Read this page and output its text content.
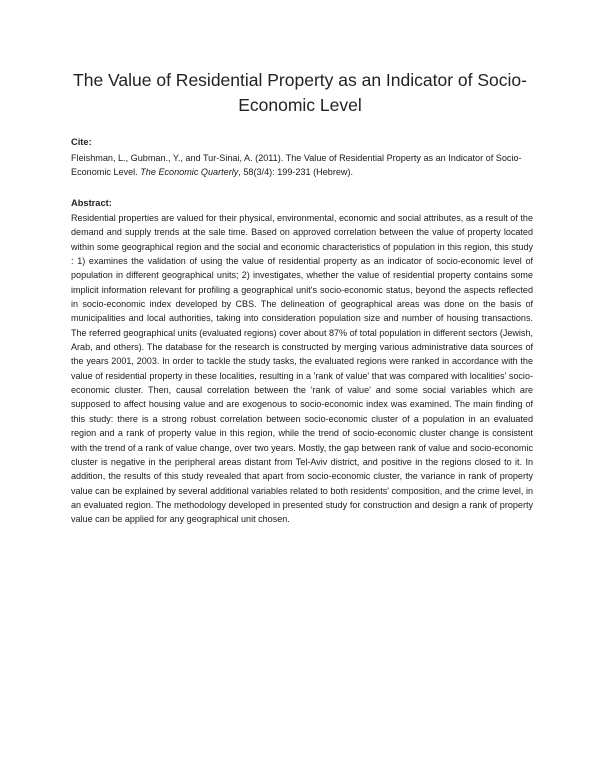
The Value of Residential Property as an Indicator of Socio-Economic Level
Cite:
Fleishman, L., Gubman., Y., and Tur-Sinai, A. (2011). The Value of Residential Property as an Indicator of Socio-Economic Level. The Economic Quarterly, 58(3/4): 199-231 (Hebrew).
Abstract:
Residential properties are valued for their physical, environmental, economic and social attributes, as a result of the demand and supply trends at the sale time. Based on approved correlation between the value of property located within some geographical region and the social and economic characteristics of population in this region, this study : 1) examines the validation of using the value of residential property as an indicator of socio-economic level of population in different geographical units; 2) investigates, whether the value of residential property contains some implicit information relevant for profiling a geographical unit's socio-economic status, beyond the aspects reflected in socio-economic index developed by CBS. The delineation of geographical areas was done on the basis of municipalities and local authorities, taking into consideration population size and number of housing transactions. The referred geographical units (evaluated regions) cover about 87% of total population in different sectors (Jewish, Arab, and others). The database for the research is constructed by merging various administrative data sources of the years 2001, 2003. In order to tackle the study tasks, the evaluated regions were ranked in accordance with the value of residential property in these localities, resulting in a 'rank of value' that was compared with localities' socio-economic cluster. Then, causal correlation between the 'rank of value' and some social variables which are supposed to affect housing value and are exogenous to socio-economic index was examined. The main finding of this study: there is a strong robust correlation between socio-economic cluster of a population in an evaluated region and a rank of property value in this region, while the trend of socio-economic cluster change is consistent with the trend of a rank of value change, over two years. Mostly, the gap between rank of value and socio-economic cluster is negative in the peripheral areas distant from Tel-Aviv district, and positive in the regions closed to it. In addition, the results of this study revealed that apart from socio-economic cluster, the variance in rank of property value can be explained by several additional variables related to both residents' composition, and the crime level, in an evaluated region. The methodology developed in presented study for construction and design a rank of property value can be applied for any geographical unit chosen.
